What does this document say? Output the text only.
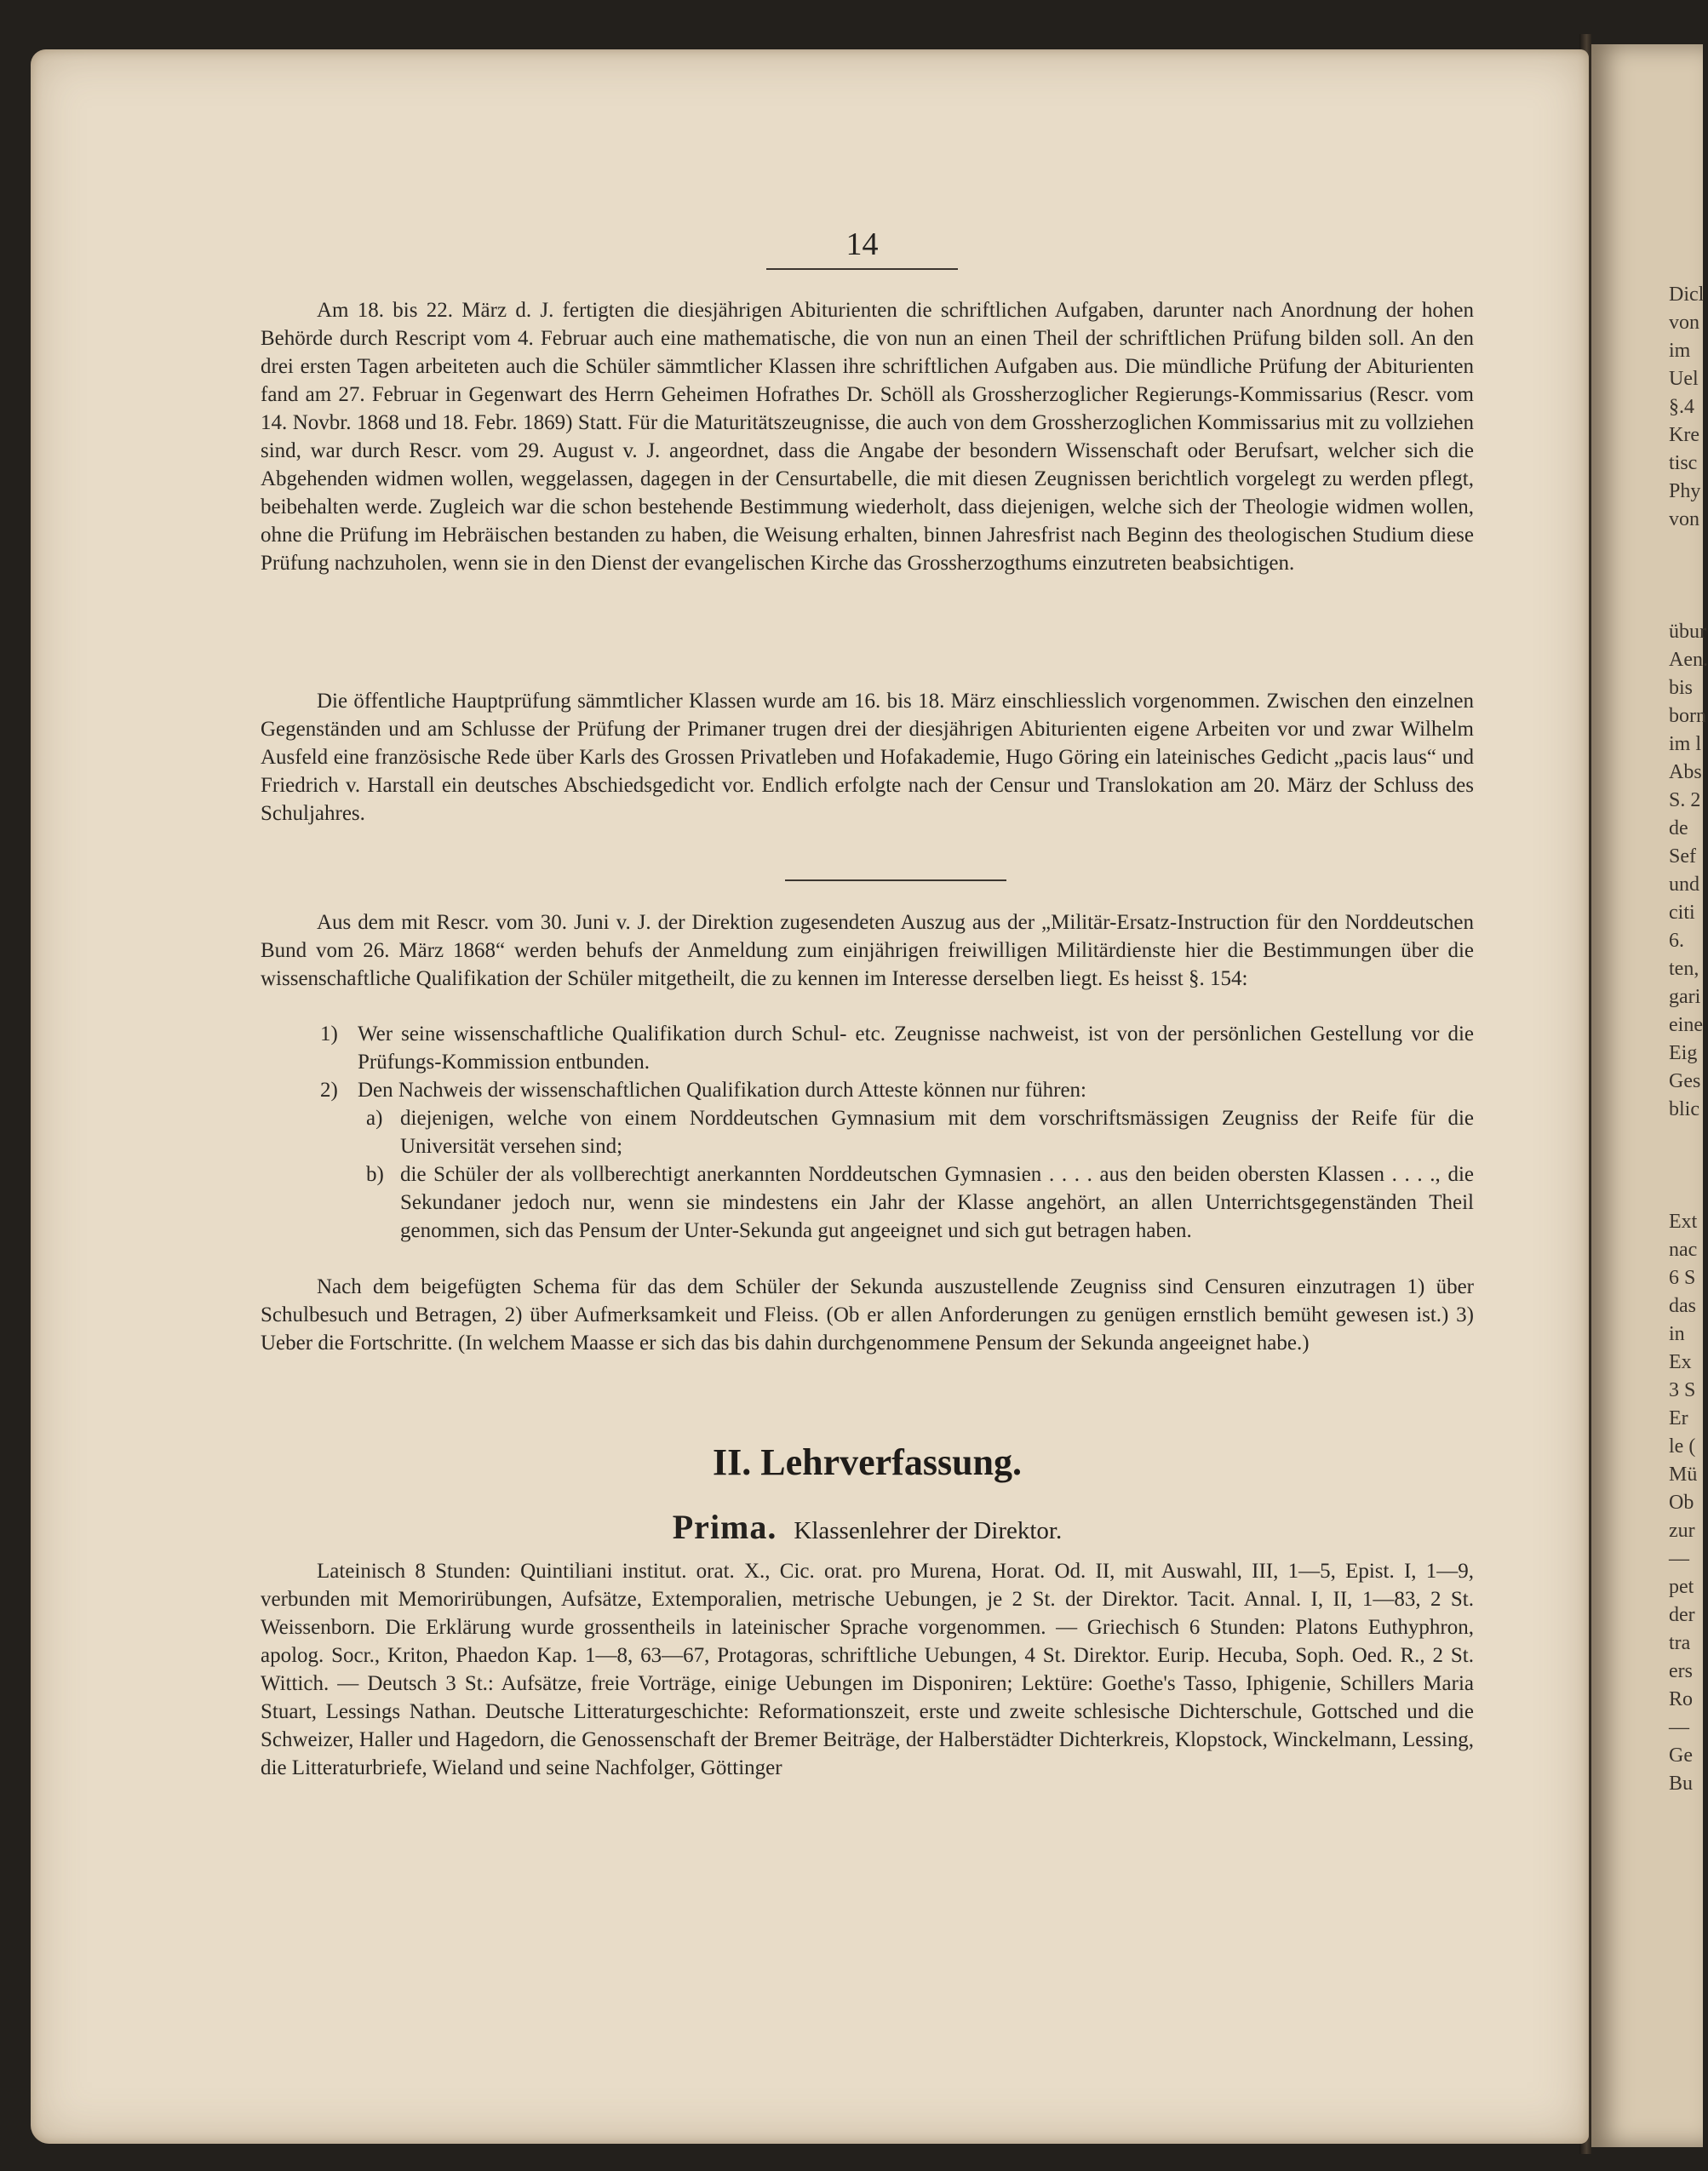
Dicl
von
im
Uel
§.4
Kre
tisc
Phy
von

übur
Aen.
bis
born
im l
Abs
S. 2
de
Sef
und
citi
6.
ten,
gari
eine
Eig
Ges
blic

Ext
nac
6 S
das
in
Ex
3 S
Er
le (
Mü
Ob
zur
—
pet
der
tra
ers
Ro
—
Ge
Bu
14

Am 18. bis 22. März d. J. fertigten die diesjährigen Abiturienten die schriftlichen Aufgaben, darunter nach Anordnung der hohen Behörde durch Rescript vom 4. Februar auch eine mathematische, die von nun an einen Theil der schriftlichen Prüfung bilden soll. An den drei ersten Tagen arbeiteten auch die Schüler sämmtlicher Klassen ihre schriftlichen Aufgaben aus. Die mündliche Prüfung der Abiturienten fand am 27. Februar in Gegenwart des Herrn Geheimen Hofrathes Dr. Schöll als Grossherzoglicher Regierungs-Kommissarius (Rescr. vom 14. Novbr. 1868 und 18. Febr. 1869) Statt. Für die Maturitätszeugnisse, die auch von dem Grossherzoglichen Kommissarius mit zu vollziehen sind, war durch Rescr. vom 29. August v. J. angeordnet, dass die Angabe der besondern Wissenschaft oder Berufsart, welcher sich die Abgehenden widmen wollen, weggelassen, dagegen in der Censurtabelle, die mit diesen Zeugnissen berichtlich vorgelegt zu werden pflegt, beibehalten werde. Zugleich war die schon bestehende Bestimmung wiederholt, dass diejenigen, welche sich der Theologie widmen wollen, ohne die Prüfung im Hebräischen bestanden zu haben, die Weisung erhalten, binnen Jahresfrist nach Beginn des theologischen Studium diese Prüfung nachzuholen, wenn sie in den Dienst der evangelischen Kirche das Grossherzogthums einzutreten beabsichtigen.

Die öffentliche Hauptprüfung sämmtlicher Klassen wurde am 16. bis 18. März einschliesslich vorgenommen. Zwischen den einzelnen Gegenständen und am Schlusse der Prüfung der Primaner trugen drei der diesjährigen Abiturienten eigene Arbeiten vor und zwar Wilhelm Ausfeld eine französische Rede über Karls des Grossen Privatleben und Hofakademie, Hugo Göring ein lateinisches Gedicht „pacis laus“ und Friedrich v. Harstall ein deutsches Abschiedsgedicht vor. Endlich erfolgte nach der Censur und Translokation am 20. März der Schluss des Schuljahres.

Aus dem mit Rescr. vom 30. Juni v. J. der Direktion zugesendeten Auszug aus der „Militär-Ersatz-Instruction für den Norddeutschen Bund vom 26. März 1868“ werden behufs der Anmeldung zum einjährigen freiwilligen Militärdienste hier die Bestimmungen über die wissenschaftliche Qualifikation der Schüler mitgetheilt, die zu kennen im Interesse derselben liegt. Es heisst §. 154:

1) Wer seine wissenschaftliche Qualifikation durch Schul- etc. Zeugnisse nachweist, ist von der persönlichen Gestellung vor die Prüfungs-Kommission entbunden.
2) Den Nachweis der wissenschaftlichen Qualifikation durch Atteste können nur führen:
a) diejenigen, welche von einem Norddeutschen Gymnasium mit dem vorschriftsmässigen Zeugniss der Reife für die Universität versehen sind;
b) die Schüler der als vollberechtigt anerkannten Norddeutschen Gymnasien . . . . aus den beiden obersten Klassen . . . ., die Sekundaner jedoch nur, wenn sie mindestens ein Jahr der Klasse angehört, an allen Unterrichtsgegenständen Theil genommen, sich das Pensum der Unter-Sekunda gut angeeignet und sich gut betragen haben.

Nach dem beigefügten Schema für das dem Schüler der Sekunda auszustellende Zeugniss sind Censuren einzutragen 1) über Schulbesuch und Betragen, 2) über Aufmerksamkeit und Fleiss. (Ob er allen Anforderungen zu genügen ernstlich bemüht gewesen ist.) 3) Ueber die Fortschritte. (In welchem Maasse er sich das bis dahin durchgenommene Pensum der Sekunda angeeignet habe.)

II. Lehrverfassung.
Prima. Klassenlehrer der Direktor.

Lateinisch 8 Stunden: Quintiliani institut. orat. X., Cic. orat. pro Murena, Horat. Od. II, mit Auswahl, III, 1—5, Epist. I, 1—9, verbunden mit Memorirübungen, Aufsätze, Extemporalien, metrische Uebungen, je 2 St. der Direktor. Tacit. Annal. I, II, 1—83, 2 St. Weissenborn. Die Erklärung wurde grossentheils in lateinischer Sprache vorgenommen. — Griechisch 6 Stunden: Platons Euthyphron, apolog. Socr., Kriton, Phaedon Kap. 1—8, 63—67, Protagoras, schriftliche Uebungen, 4 St. Direktor. Eurip. Hecuba, Soph. Oed. R., 2 St. Wittich. — Deutsch 3 St.: Aufsätze, freie Vorträge, einige Uebungen im Disponiren; Lektüre: Goethe's Tasso, Iphigenie, Schillers Maria Stuart, Lessings Nathan. Deutsche Litteraturgeschichte: Reformationszeit, erste und zweite schlesische Dichterschule, Gottsched und die Schweizer, Haller und Hagedorn, die Genossenschaft der Bremer Beiträge, der Halberstädter Dichterkreis, Klopstock, Winckelmann, Lessing, die Litteraturbriefe, Wieland und seine Nachfolger, Göttinger
